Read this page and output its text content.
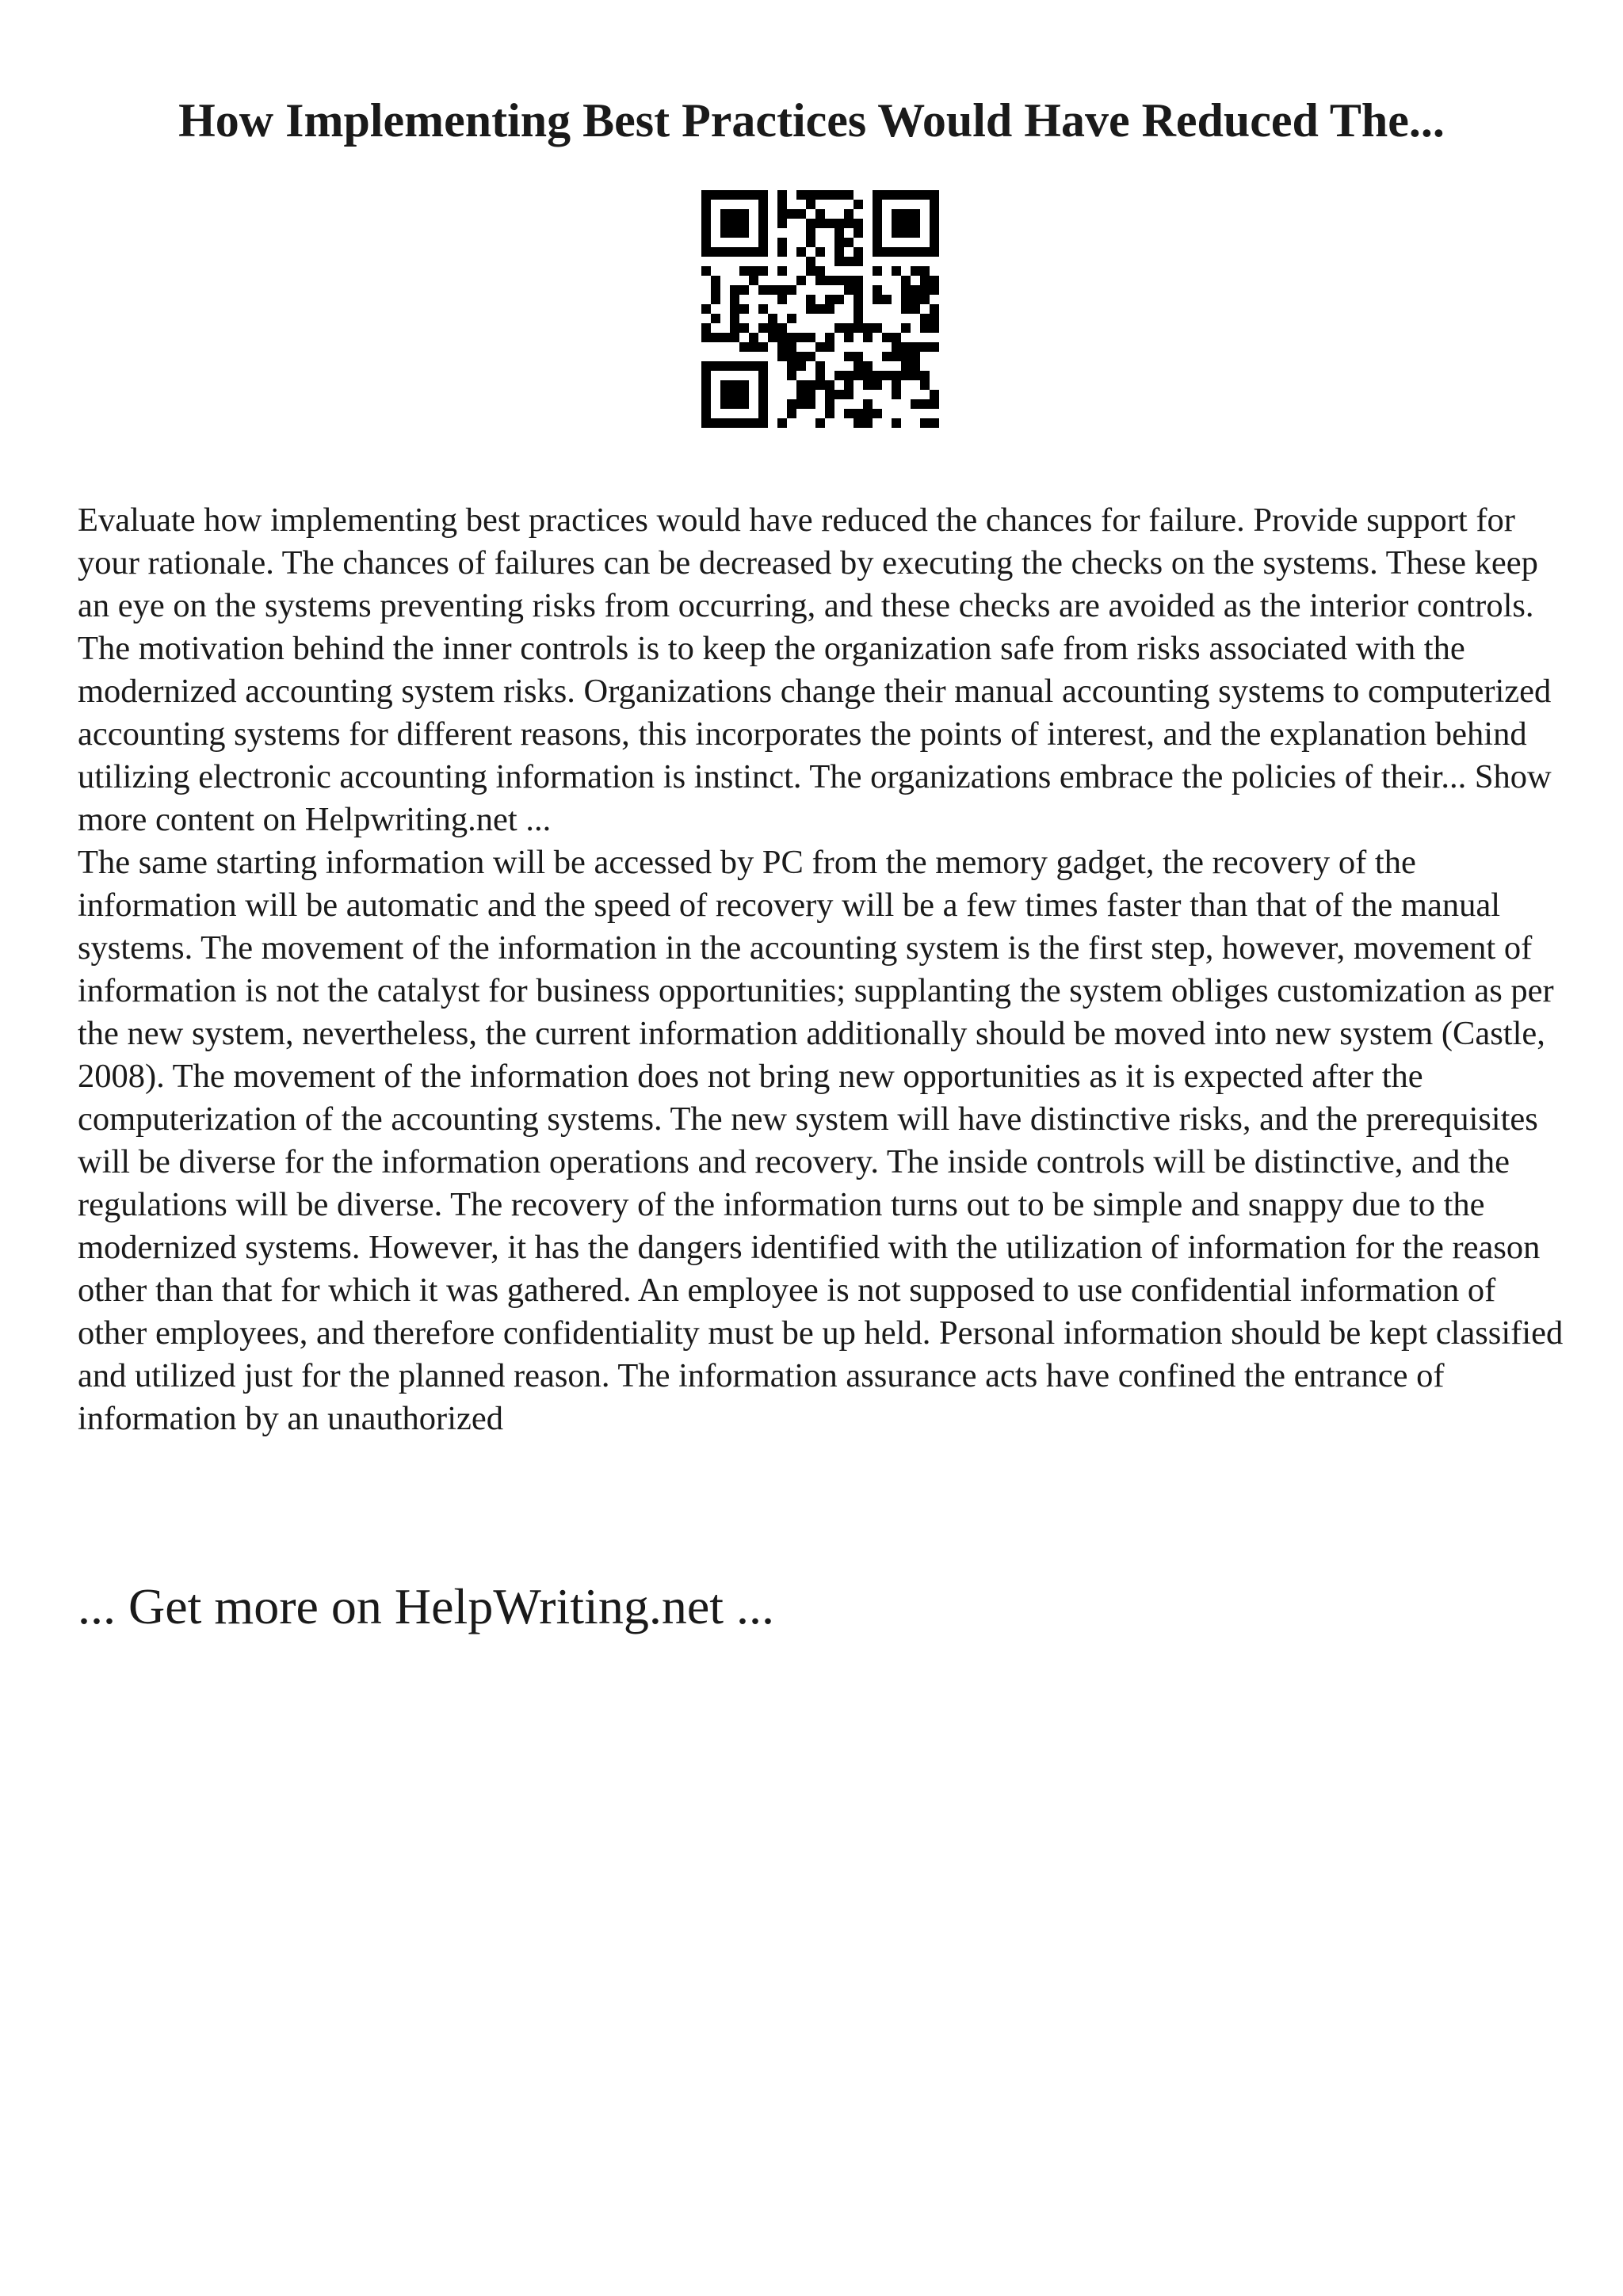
How Implementing Best Practices Would Have Reduced The...

Evaluate how implementing best practices would have reduced the chances for failure. Provide support for your rationale. The chances of failures can be decreased by executing the checks on the systems. These keep an eye on the systems preventing risks from occurring, and these checks are avoided as the interior controls. The motivation behind the inner controls is to keep the organization safe from risks associated with the modernized accounting system risks. Organizations change their manual accounting systems to computerized accounting systems for different reasons, this incorporates the points of interest, and the explanation behind utilizing electronic accounting information is instinct. The organizations embrace the policies of their... Show more content on Helpwriting.net ...

The same starting information will be accessed by PC from the memory gadget, the recovery of the information will be automatic and the speed of recovery will be a few times faster than that of the manual systems. The movement of the information in the accounting system is the first step, however, movement of information is not the catalyst for business opportunities; supplanting the system obliges customization as per the new system, nevertheless, the current information additionally should be moved into new system (Castle, 2008). The movement of the information does not bring new opportunities as it is expected after the computerization of the accounting systems. The new system will have distinctive risks, and the prerequisites will be diverse for the information operations and recovery. The inside controls will be distinctive, and the regulations will be diverse. The recovery of the information turns out to be simple and snappy due to the modernized systems. However, it has the dangers identified with the utilization of information for the reason other than that for which it was gathered. An employee is not supposed to use confidential information of other employees, and therefore confidentiality must be up held. Personal information should be kept classified and utilized just for the planned reason. The information assurance acts have confined the entrance of information by an unauthorized

... Get more on HelpWriting.net ...
